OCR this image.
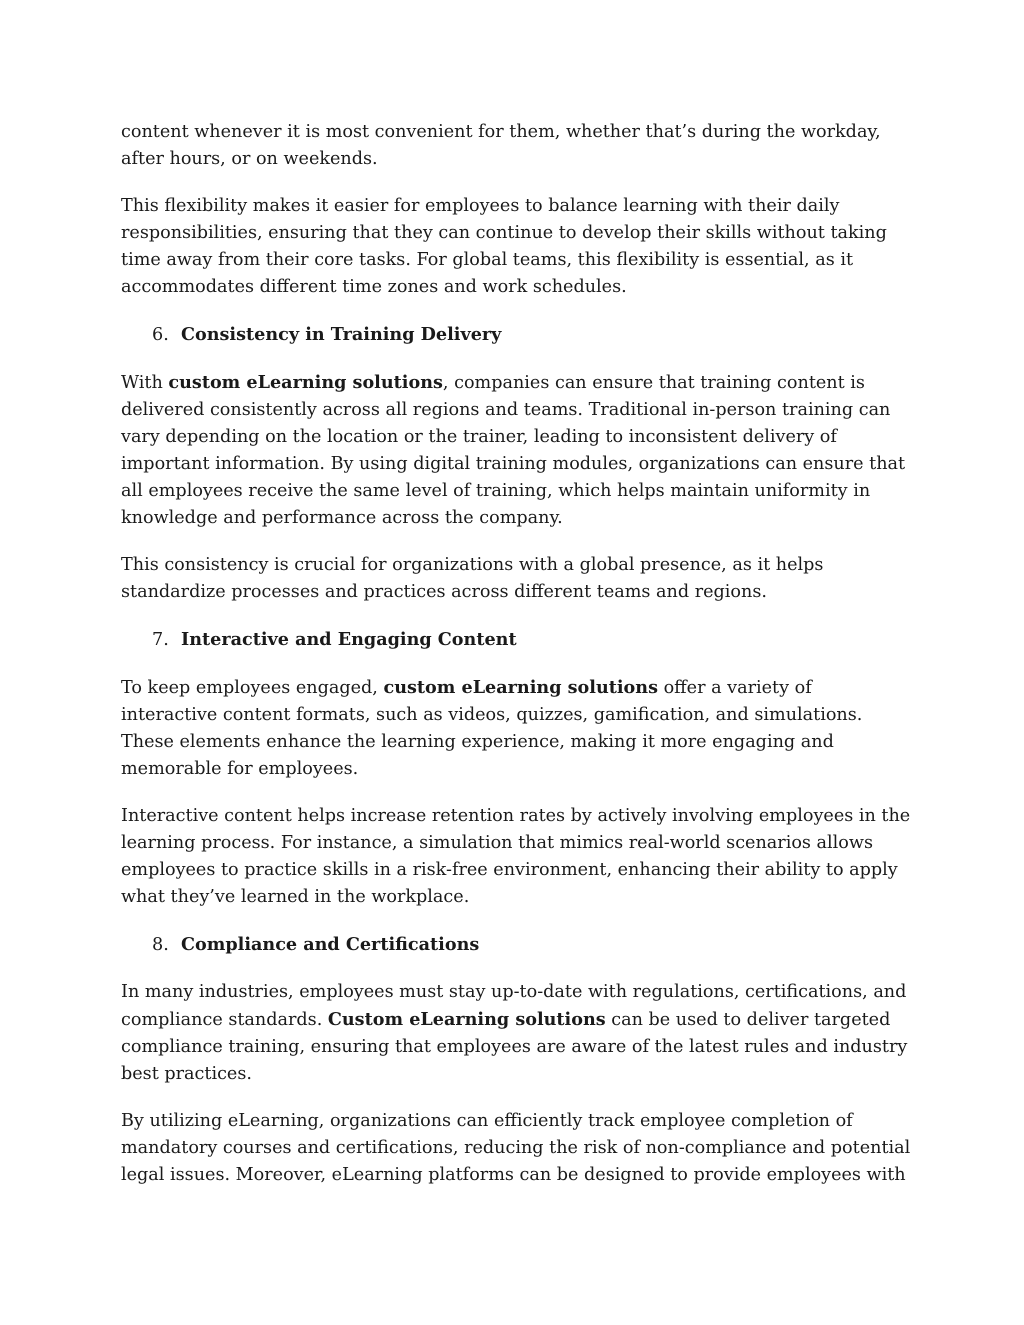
content whenever it is most convenient for them, whether that’s during the workday, after hours, or on weekends.

This flexibility makes it easier for employees to balance learning with their daily responsibilities, ensuring that they can continue to develop their skills without taking time away from their core tasks. For global teams, this flexibility is essential, as it accommodates different time zones and work schedules.

6. Consistency in Training Delivery

With custom eLearning solutions, companies can ensure that training content is delivered consistently across all regions and teams. Traditional in-person training can vary depending on the location or the trainer, leading to inconsistent delivery of important information. By using digital training modules, organizations can ensure that all employees receive the same level of training, which helps maintain uniformity in knowledge and performance across the company.

This consistency is crucial for organizations with a global presence, as it helps standardize processes and practices across different teams and regions.

7. Interactive and Engaging Content

To keep employees engaged, custom eLearning solutions offer a variety of interactive content formats, such as videos, quizzes, gamification, and simulations. These elements enhance the learning experience, making it more engaging and memorable for employees.

Interactive content helps increase retention rates by actively involving employees in the learning process. For instance, a simulation that mimics real-world scenarios allows employees to practice skills in a risk-free environment, enhancing their ability to apply what they’ve learned in the workplace.

8. Compliance and Certifications

In many industries, employees must stay up-to-date with regulations, certifications, and compliance standards. Custom eLearning solutions can be used to deliver targeted compliance training, ensuring that employees are aware of the latest rules and industry best practices.

By utilizing eLearning, organizations can efficiently track employee completion of mandatory courses and certifications, reducing the risk of non-compliance and potential legal issues. Moreover, eLearning platforms can be designed to provide employees with
